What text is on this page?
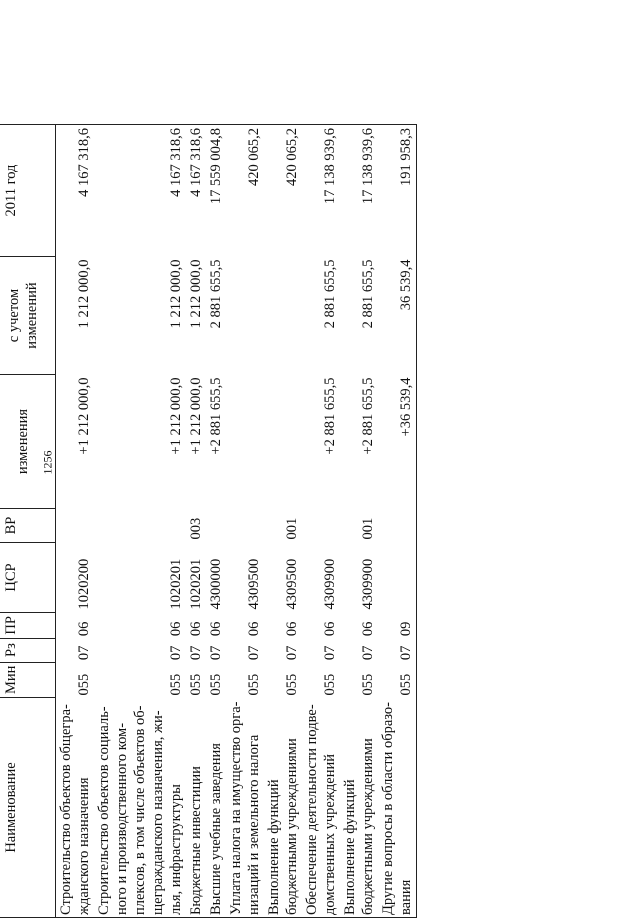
1256
Наименование	Мин	Рз	ПР	ЦСР	ВР			2011 год
						изменения	с учетом изменений	
Строительство объектов общегра-жданского назначения	055	07	06	1020200		+1 212 000,0	1 212 000,0	4 167 318,6
Строительство объектов социаль-ного и производственного ком-плексов, в том числе объектов об-щегражданского назначения, жи-лья, инфраструктуры	055	07	06	1020201		+1 212 000,0	1 212 000,0	4 167 318,6
Бюджетные инвестиции	055	07	06	1020201	003	+1 212 000,0	1 212 000,0	4 167 318,6
Высшие учебные заведения	055	07	06	4300000		+2 881 655,5	2 881 655,5	17 559 004,8
Уплата налога на имущество орга-низаций и земельного налога	055	07	06	4309500				420 065,2
Выполнение функций бюджетными учреждениями	055	07	06	4309500	001			420 065,2
Обеспечение деятельности подве-домственных учреждений	055	07	06	4309900		+2 881 655,5	2 881 655,5	17 138 939,6
Выполнение функций бюджетными учреждениями	055	07	06	4309900	001	+2 881 655,5	2 881 655,5	17 138 939,6
Другие вопросы в области образо-вания	055	07	09			+36 539,4	36 539,4	191 958,3
